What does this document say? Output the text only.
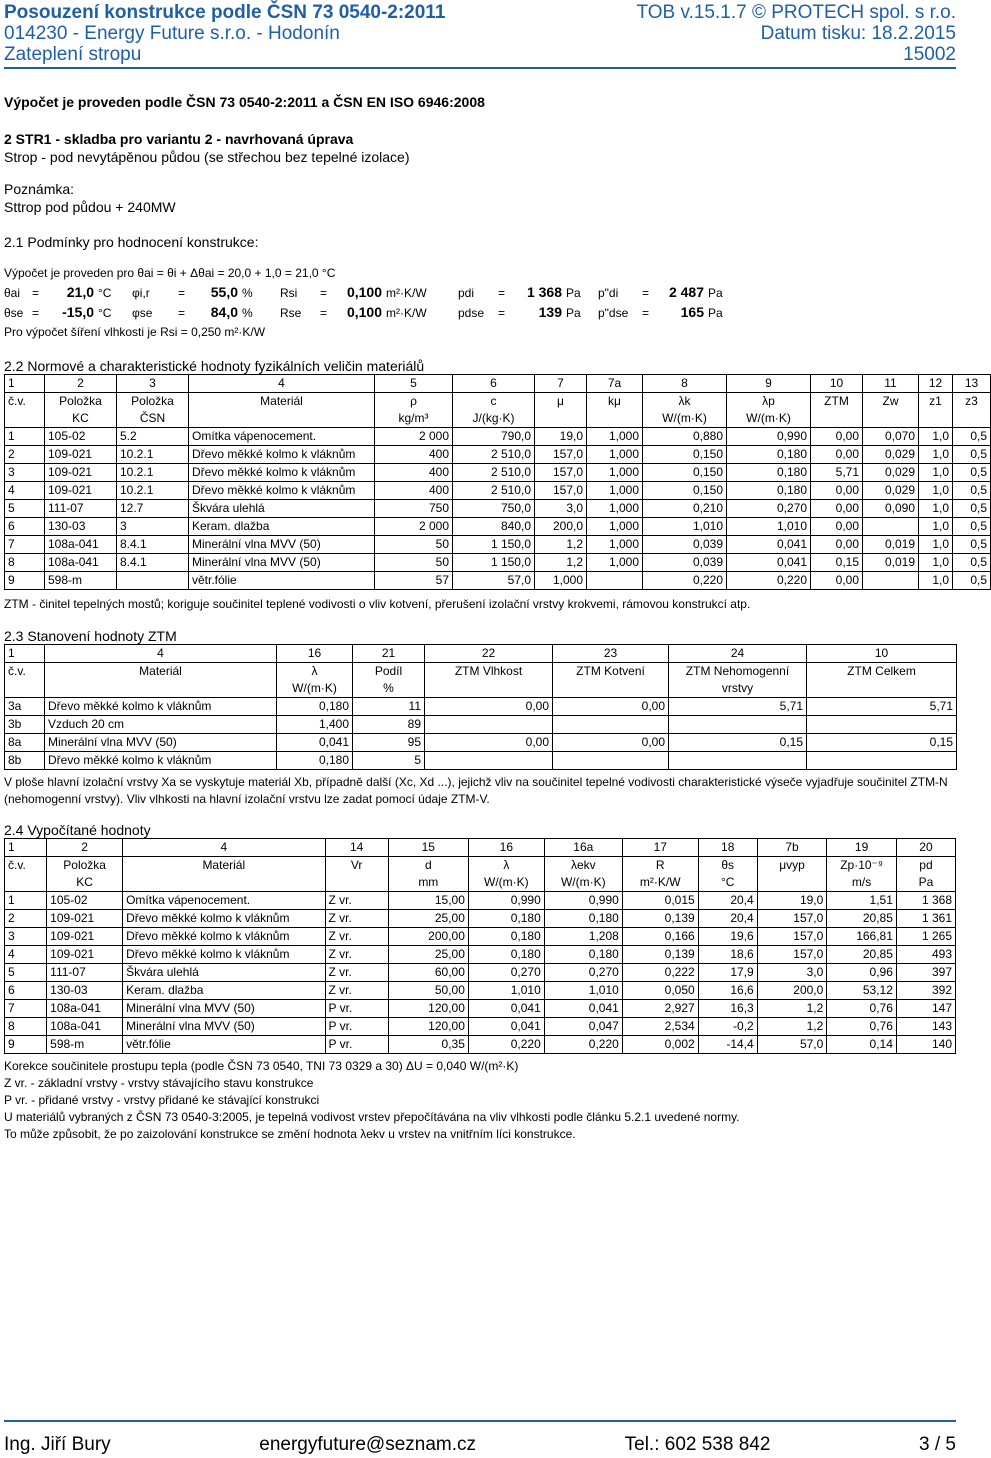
Posouzení konstrukce podle ČSN 73 0540-2:2011	TOB v.15.1.7 © PROTECH spol. s r.o.
014230 - Energy Future s.r.o. - Hodonín	Datum tisku: 18.2.2015
Zateplení stropu	15002
Výpočet je proveden podle ČSN 73 0540-2:2011 a ČSN EN ISO 6946:2008
2 STR1 - skladba pro variantu 2 - navrhovaná úprava
Strop - pod nevytápěnou půdou (se střechou bez tepelné izolace)
Poznámka:
Sttrop pod půdou + 240MW
2.1 Podmínky pro hodnocení konstrukce:
Výpočet je proveden pro θai = θi + Δθai = 20,0 + 1,0 = 21,0 °C
θai =	21,0 °C	φi,r	=	55,0 %	Rsi	=	0,100 m²·K/W	pdi	=	1 368 Pa	p"di	=	2 487 Pa
θse =	-15,0 °C	φse	=	84,0 %	Rse	=	0,100 m²·K/W	pdse	=	139 Pa	p"dse	=	165 Pa
Pro výpočet šíření vlhkosti je Rsi = 0,250 m²·K/W
2.2 Normové a charakteristické hodnoty fyzikálních veličin materiálů
1	2	3	4	5	6	7	7a	8	9	10	11	12	13
č.v.	Položka	Položka	Materiál	ρ	c	μ	kμ	λk	λp	ZTM	Zw	z1	z3
	KC	ČSN		kg/m³	J/(kg·K)			W/(m·K)	W/(m·K)				
1	105-02	5.2	Omítka vápenocement.	2 000	790,0	19,0	1,000	0,880	0,990	0,00	0,070	1,0	0,5
2	109-021	10.2.1	Dřevo měkké kolmo k vláknům	400	2 510,0	157,0	1,000	0,150	0,180	0,00	0,029	1,0	0,5
3	109-021	10.2.1	Dřevo měkké kolmo k vláknům	400	2 510,0	157,0	1,000	0,150	0,180	5,71	0,029	1,0	0,5
4	109-021	10.2.1	Dřevo měkké kolmo k vláknům	400	2 510,0	157,0	1,000	0,150	0,180	0,00	0,029	1,0	0,5
5	111-07	12.7	Škvára ulehlá	750	750,0	3,0	1,000	0,210	0,270	0,00	0,090	1,0	0,5
6	130-03	3	Keram. dlažba	2 000	840,0	200,0	1,000	1,010	1,010	0,00		1,0	0,5
7	108a-041	8.4.1	Minerální vlna MVV (50)	50	1 150,0	1,2	1,000	0,039	0,041	0,00	0,019	1,0	0,5
8	108a-041	8.4.1	Minerální vlna MVV (50)	50	1 150,0	1,2	1,000	0,039	0,041	0,15	0,019	1,0	0,5
9	598-m		větr.fólie	57	57,0	1,000		0,220	0,220	0,00		1,0	0,5
ZTM - činitel tepelných mostů; koriguje součinitel teplené vodivosti o vliv kotvení, přerušení izolační vrstvy krokvemi, rámovou konstrukcí atp.
2.3 Stanovení hodnoty ZTM
1	4	16	21	22	23	24	10
č.v.	Materiál	λ	Podíl	ZTM Vlhkost	ZTM Kotvení	ZTM Nehomogenní	ZTM Celkem
		W/(m·K)	%			vrstvy	
3a	Dřevo měkké kolmo k vláknům	0,180	11	0,00	0,00	5,71	5,71
3b	Vzduch 20 cm	1,400	89				
8a	Minerální vlna MVV (50)	0,041	95	0,00	0,00	0,15	0,15
8b	Dřevo měkké kolmo k vláknům	0,180	5				
V ploše hlavní izolační vrstvy Xa se vyskytuje materiál Xb, případně další (Xc, Xd ...), jejichž vliv na součinitel tepelné vodivosti charakteristické výseče vyjadřuje součinitel ZTM-N (nehomogenní vrstvy). Vliv vlhkosti na hlavní izolační vrstvu lze zadat pomocí údaje ZTM-V.
2.4 Vypočítané hodnoty
1	2	4	14	15	16	16a	17	18	7b	19	20
č.v.	Položka	Materiál	Vr	d	λ	λekv	R	θs	μvyp	Zp·10⁻⁹	pd
	KC			mm	W/(m·K)	W/(m·K)	m²·K/W	°C		m/s	Pa
1	105-02	Omítka vápenocement.	Z vr.	15,00	0,990	0,990	0,015	20,4	19,0	1,51	1 368
2	109-021	Dřevo měkké kolmo k vláknům	Z vr.	25,00	0,180	0,180	0,139	20,4	157,0	20,85	1 361
3	109-021	Dřevo měkké kolmo k vláknům	Z vr.	200,00	0,180	1,208	0,166	19,6	157,0	166,81	1 265
4	109-021	Dřevo měkké kolmo k vláknům	Z vr.	25,00	0,180	0,180	0,139	18,6	157,0	20,85	493
5	111-07	Škvára ulehlá	Z vr.	60,00	0,270	0,270	0,222	17,9	3,0	0,96	397
6	130-03	Keram. dlažba	Z vr.	50,00	1,010	1,010	0,050	16,6	200,0	53,12	392
7	108a-041	Minerální vlna MVV (50)	P vr.	120,00	0,041	0,041	2,927	16,3	1,2	0,76	147
8	108a-041	Minerální vlna MVV (50)	P vr.	120,00	0,041	0,047	2,534	-0,2	1,2	0,76	143
9	598-m	větr.fólie	P vr.	0,35	0,220	0,220	0,002	-14,4	57,0	0,14	140
Korekce součinitele prostupu tepla (podle ČSN 73 0540, TNI 73 0329 a 30) ΔU = 0,040 W/(m²·K)
Z vr. - základní vrstvy - vrstvy stávajícího stavu konstrukce
P vr. - přidané vrstvy - vrstvy přidané ke stávající konstrukci
U materiálů vybraných z ČSN 73 0540-3:2005, je tepelná vodivost vrstev přepočítávána na vliv vlhkosti podle článku 5.2.1 uvedené normy.
To může způsobit, že po zaizolování konstrukce se změní hodnota λekv u vrstev na vnitřním líci konstrukce.
Ing. Jiří Bury	energyfuture@seznam.cz	Tel.: 602 538 842	3 / 5
